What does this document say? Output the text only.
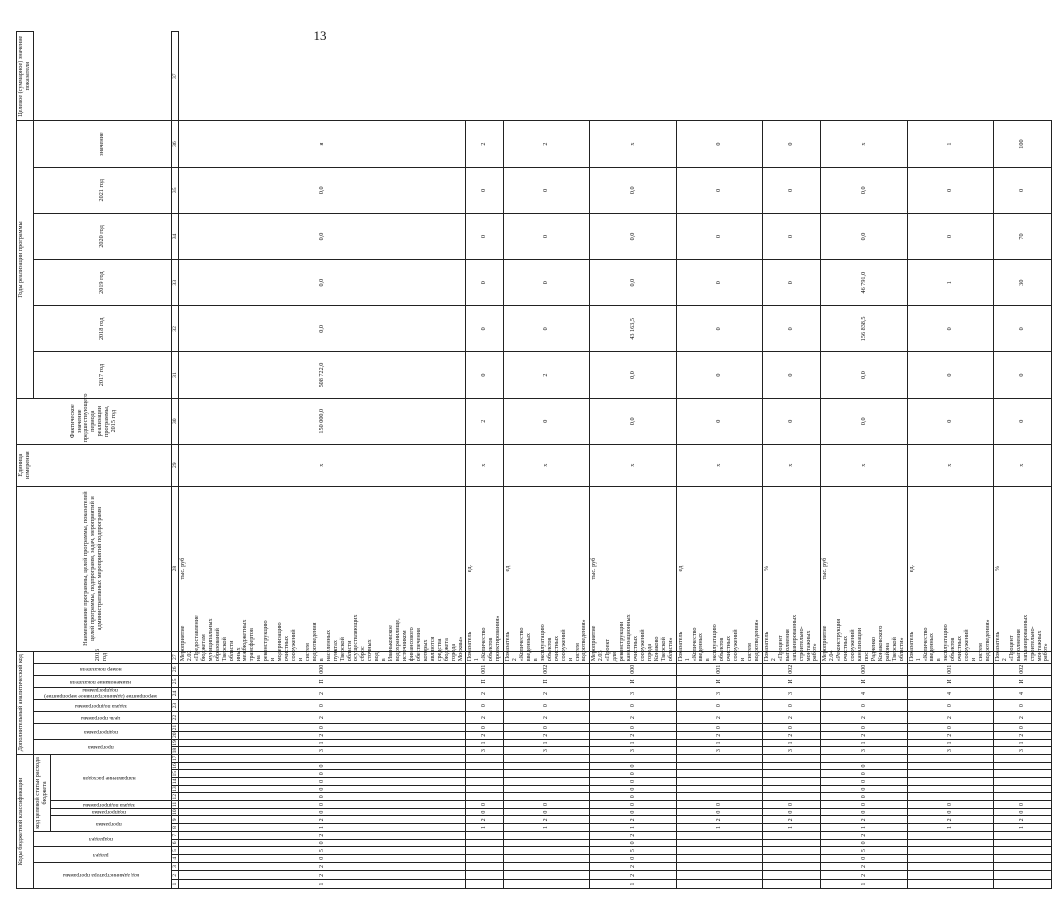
13
Коды бюджетной классификации																	Дополнительный аналитический код										Наименование программы, целей программы, показателей целей программы, подпрограмм, задач, мероприятий и административных мероприятий подпрограмм	Единица измерения	Фактическое значение предшествующего периода реализации программы, 2015 год	Годы реализации программы						Целевое (суммарное) значение показателя
код администратора программы			раздел		подраздел		код целевой статьи расхода бюджета										программа		подпрограмма		цель программы	задача подпрограммы	мероприятие (административное мероприятие) подпрограммы	наименование показателя	номер показателя	2016 год				2017 год	2018 год	2019 год	2020 год	2021 год	значение	
							программа		подпрограмма	задача подпрограммы	направление расходов																									
1	2	3	4	5	6	7	8	9	10	11	12	13	14	15	16	17	18	19	20	21	22	23	24	25	26	27	28	29	30	31	32	33	34	35	36	37
1	2	2	0	5	0	2	1	2	0	0	0	0	0	0	0		3	1	2	0	2	0	2	П	000	Мероприятие 2.02 «Предоставление бюджетам муниципальных образований Тверской области иных межбюджетных трансфертов на реконструкцию и модернизацию очистных сооружений и систем водоотведения в населенных пунктах Тверской области осуществляющих сброс сточных вод в Иваньковское водохранилище, источником финансового обеспечения которых являются средства бюджета города Москвы»	тыс. руб	х	150 000,0	508 722,0	0,0	0,0	0,0	0,0	я	
							1	2	0	0							3	1	2	0	2	0	2	П	001	Показатель 1 «Количество объектов проектирования»	ед.	х	2	0	0	0	0	0	2	
							1	2	0	0							3	1	2	0	2	0	2	П	002	Показатель 2 «Количество введенных в эксплуатацию объектов очистных сооружений и систем водоотведения»	ед	х	0	2	0	0	0	0	2	
1	2	2	0	5	0	2	1	2	0	0	0	0	0	0	0		3	1	2	0	2	0	3	И	000	Мероприятие 2.03 «Проект для реконструкции канализационных очистных сооружений города Конаково Тверской области»	тыс. руб	х	0,0	0,0	43 163,5	0,0	0,0	0,0	х	
							1	2	0	0							3	1	2	0	2	0	3	И	001	Показатель 1 «Количество введенных в эксплуатацию объектов очистных сооружений и систем водоотведения»	ед	х	0	0	0	0	0	0	0	
							1	2	0	0							3	1	2	0	2	0	3	И	002	Показатель 2 «Процент выполнения запланированных строительно-монтажных работ»	%	х	0	0	0	0	0	0	0	
1	2	2	0	5	0	2	1	2	0	0	0	0	0	0	0		3	1	2	0	2	0	4	И	000	Мероприятие 2.04 «Реконструкция очистных сооружений канализации пос. Радченко Конаковского района Тверской области»	тыс. руб	х	0,0	0,0	156 838,5	46 791,0	0,0	0,0	х	
							1	2	0	0							3	1	2	0	2	0	4	И	001	Показатель 1 «Количество введенных в эксплуатацию объектов очистных сооружений и систем водоотведения»	ед.	х	0	0	0	1	0	0	1	
							1	2	0	0							3	1	2	0	2	0	4	И	002	Показатель 2 «Процент выполнения запланированных строительно-монтажных работ»	%	х	0	0	0	30	70	0	100	
